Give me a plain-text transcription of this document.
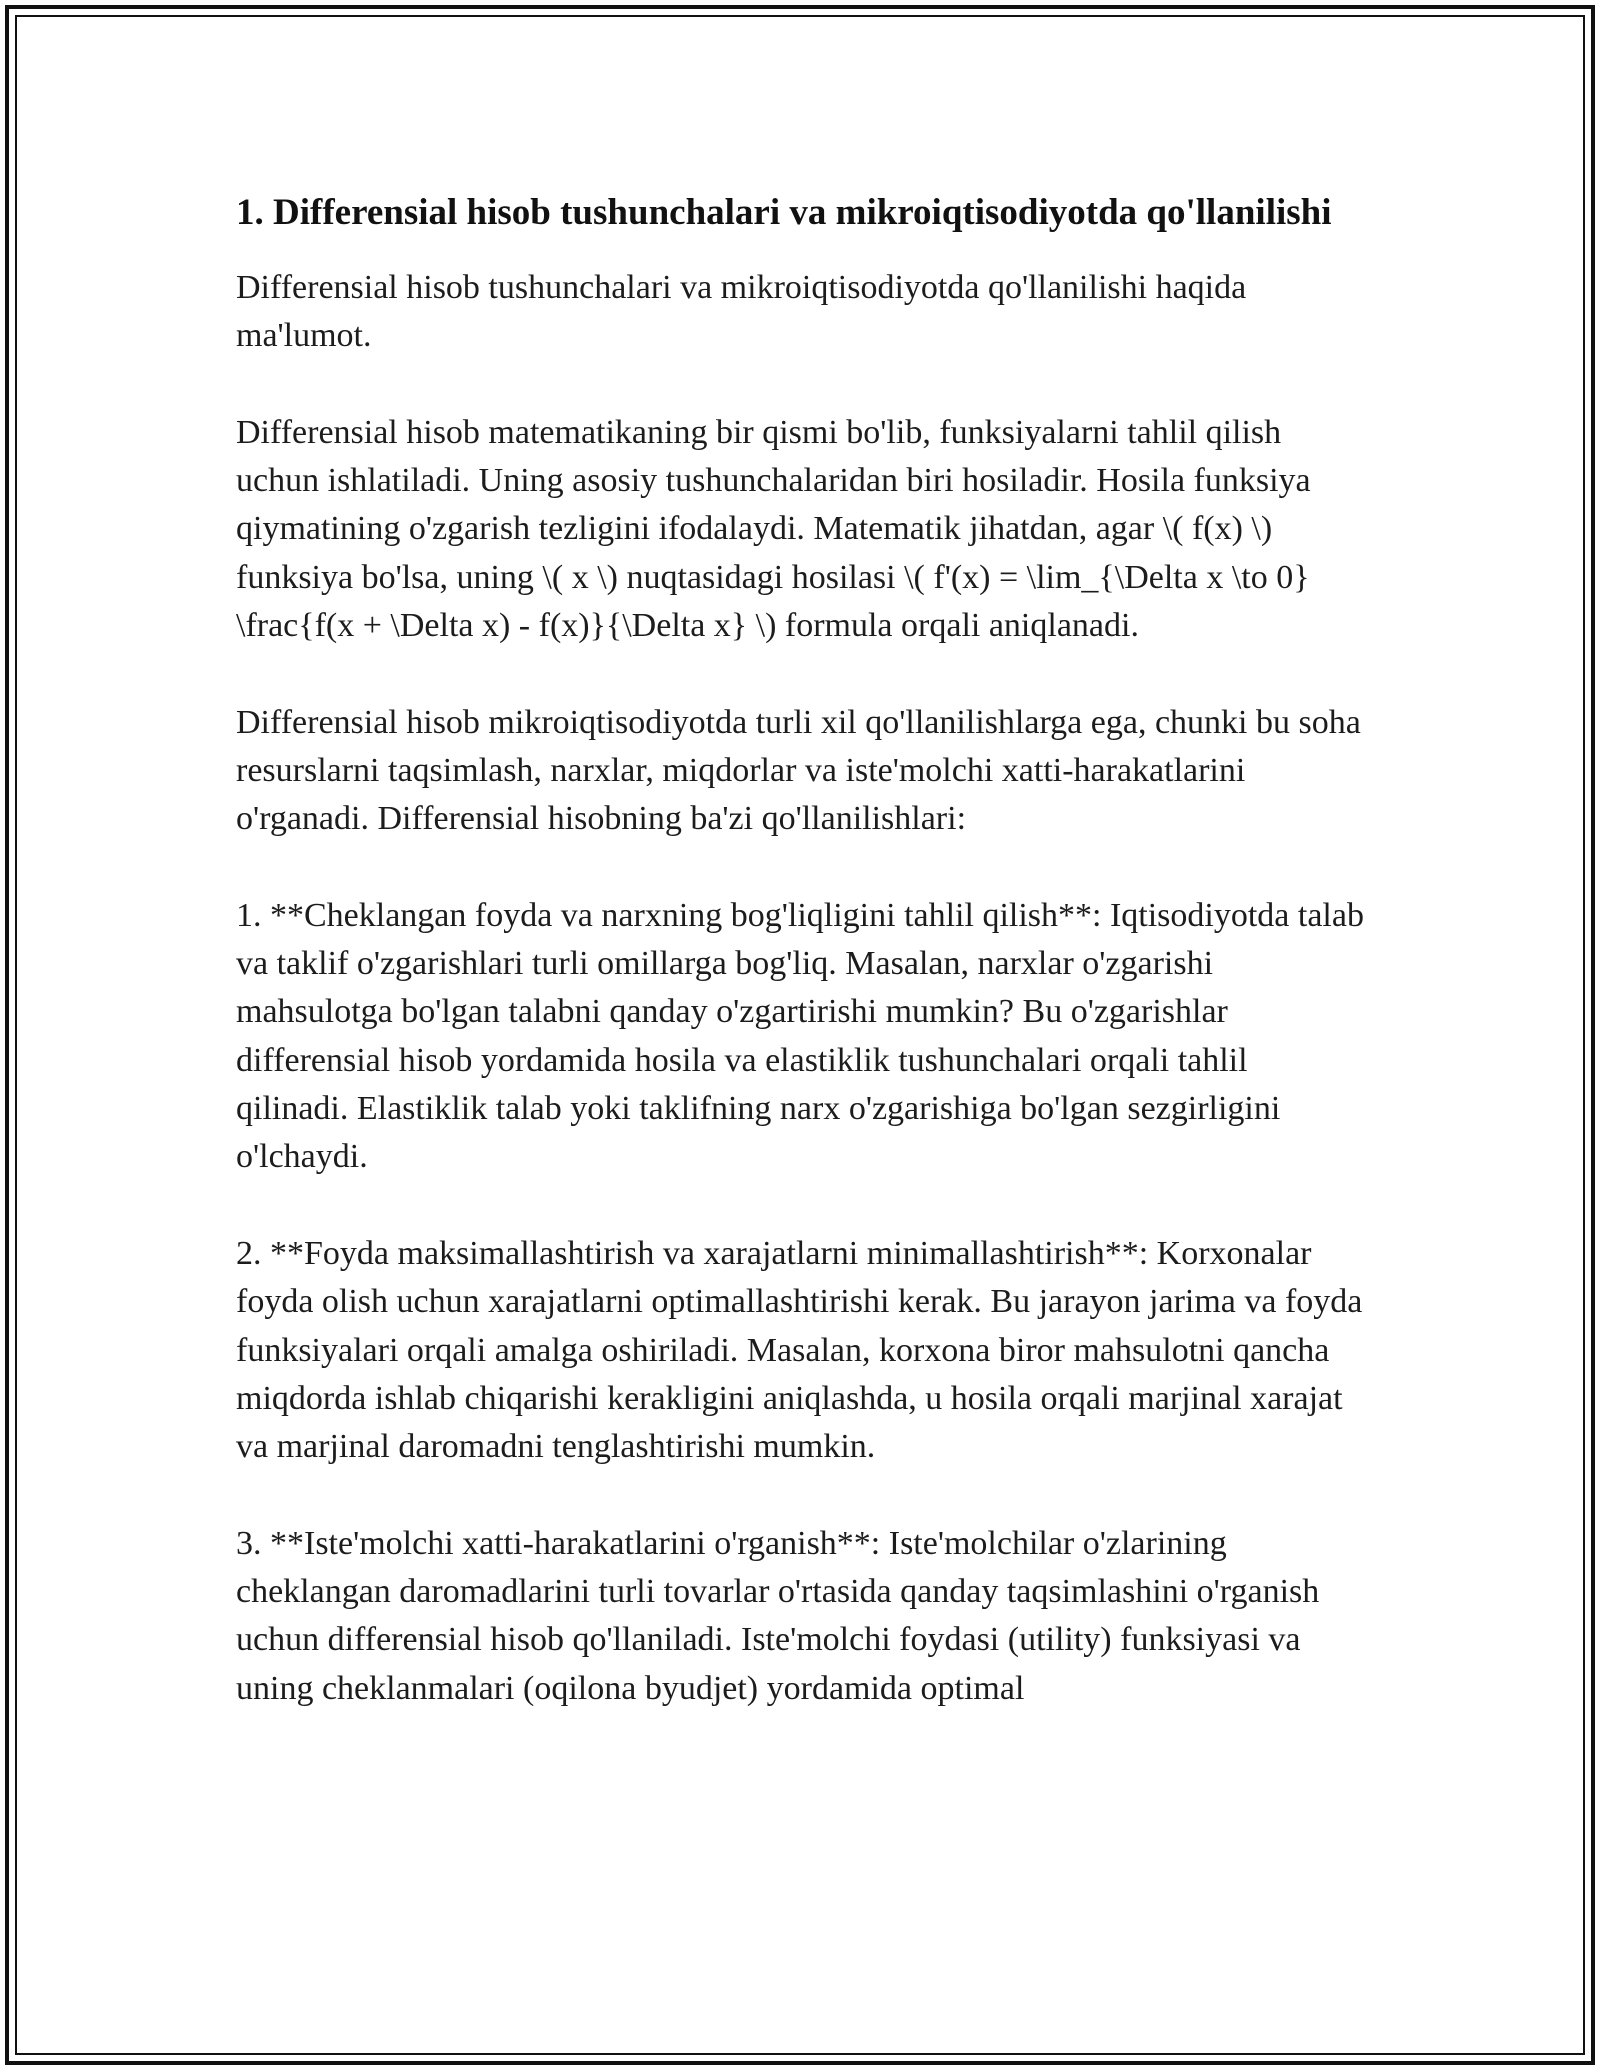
1. Differensial hisob tushunchalari va mikroiqtisodiyotda qo'llanilishi

Differensial hisob tushunchalari va mikroiqtisodiyotda qo'llanilishi haqida ma'lumot.

Differensial hisob matematikaning bir qismi bo'lib, funksiyalarni tahlil qilish uchun ishlatiladi. Uning asosiy tushunchalaridan biri hosiladir. Hosila funksiya qiymatining o'zgarish tezligini ifodalaydi. Matematik jihatdan, agar \( f(x) \) funksiya bo'lsa, uning \( x \) nuqtasidagi hosilasi \( f'(x) = \lim_{\Delta x \to 0} \frac{f(x + \Delta x) - f(x)}{\Delta x} \) formula orqali aniqlanadi.

Differensial hisob mikroiqtisodiyotda turli xil qo'llanilishlarga ega, chunki bu soha resurslarni taqsimlash, narxlar, miqdorlar va iste'molchi xatti-harakatlarini o'rganadi. Differensial hisobning ba'zi qo'llanilishlari:

1. **Cheklangan foyda va narxning bog'liqligini tahlil qilish**: Iqtisodiyotda talab va taklif o'zgarishlari turli omillarga bog'liq. Masalan, narxlar o'zgarishi mahsulotga bo'lgan talabni qanday o'zgartirishi mumkin? Bu o'zgarishlar differensial hisob yordamida hosila va elastiklik tushunchalari orqali tahlil qilinadi. Elastiklik talab yoki taklifning narx o'zgarishiga bo'lgan sezgirligini o'lchaydi.

2. **Foyda maksimallashtirish va xarajatlarni minimallashtirish**: Korxonalar foyda olish uchun xarajatlarni optimallashtirishi kerak. Bu jarayon jarima va foyda funksiyalari orqali amalga oshiriladi. Masalan, korxona biror mahsulotni qancha miqdorda ishlab chiqarishi kerakligini aniqlashda, u hosila orqali marjinal xarajat va marjinal daromadni tenglashtirishi mumkin.

3. **Iste'molchi xatti-harakatlarini o'rganish**: Iste'molchilar o'zlarining cheklangan daromadlarini turli tovarlar o'rtasida qanday taqsimlashini o'rganish uchun differensial hisob qo'llaniladi. Iste'molchi foydasi (utility) funksiyasi va uning cheklanmalari (oqilona byudjet) yordamida optimal
